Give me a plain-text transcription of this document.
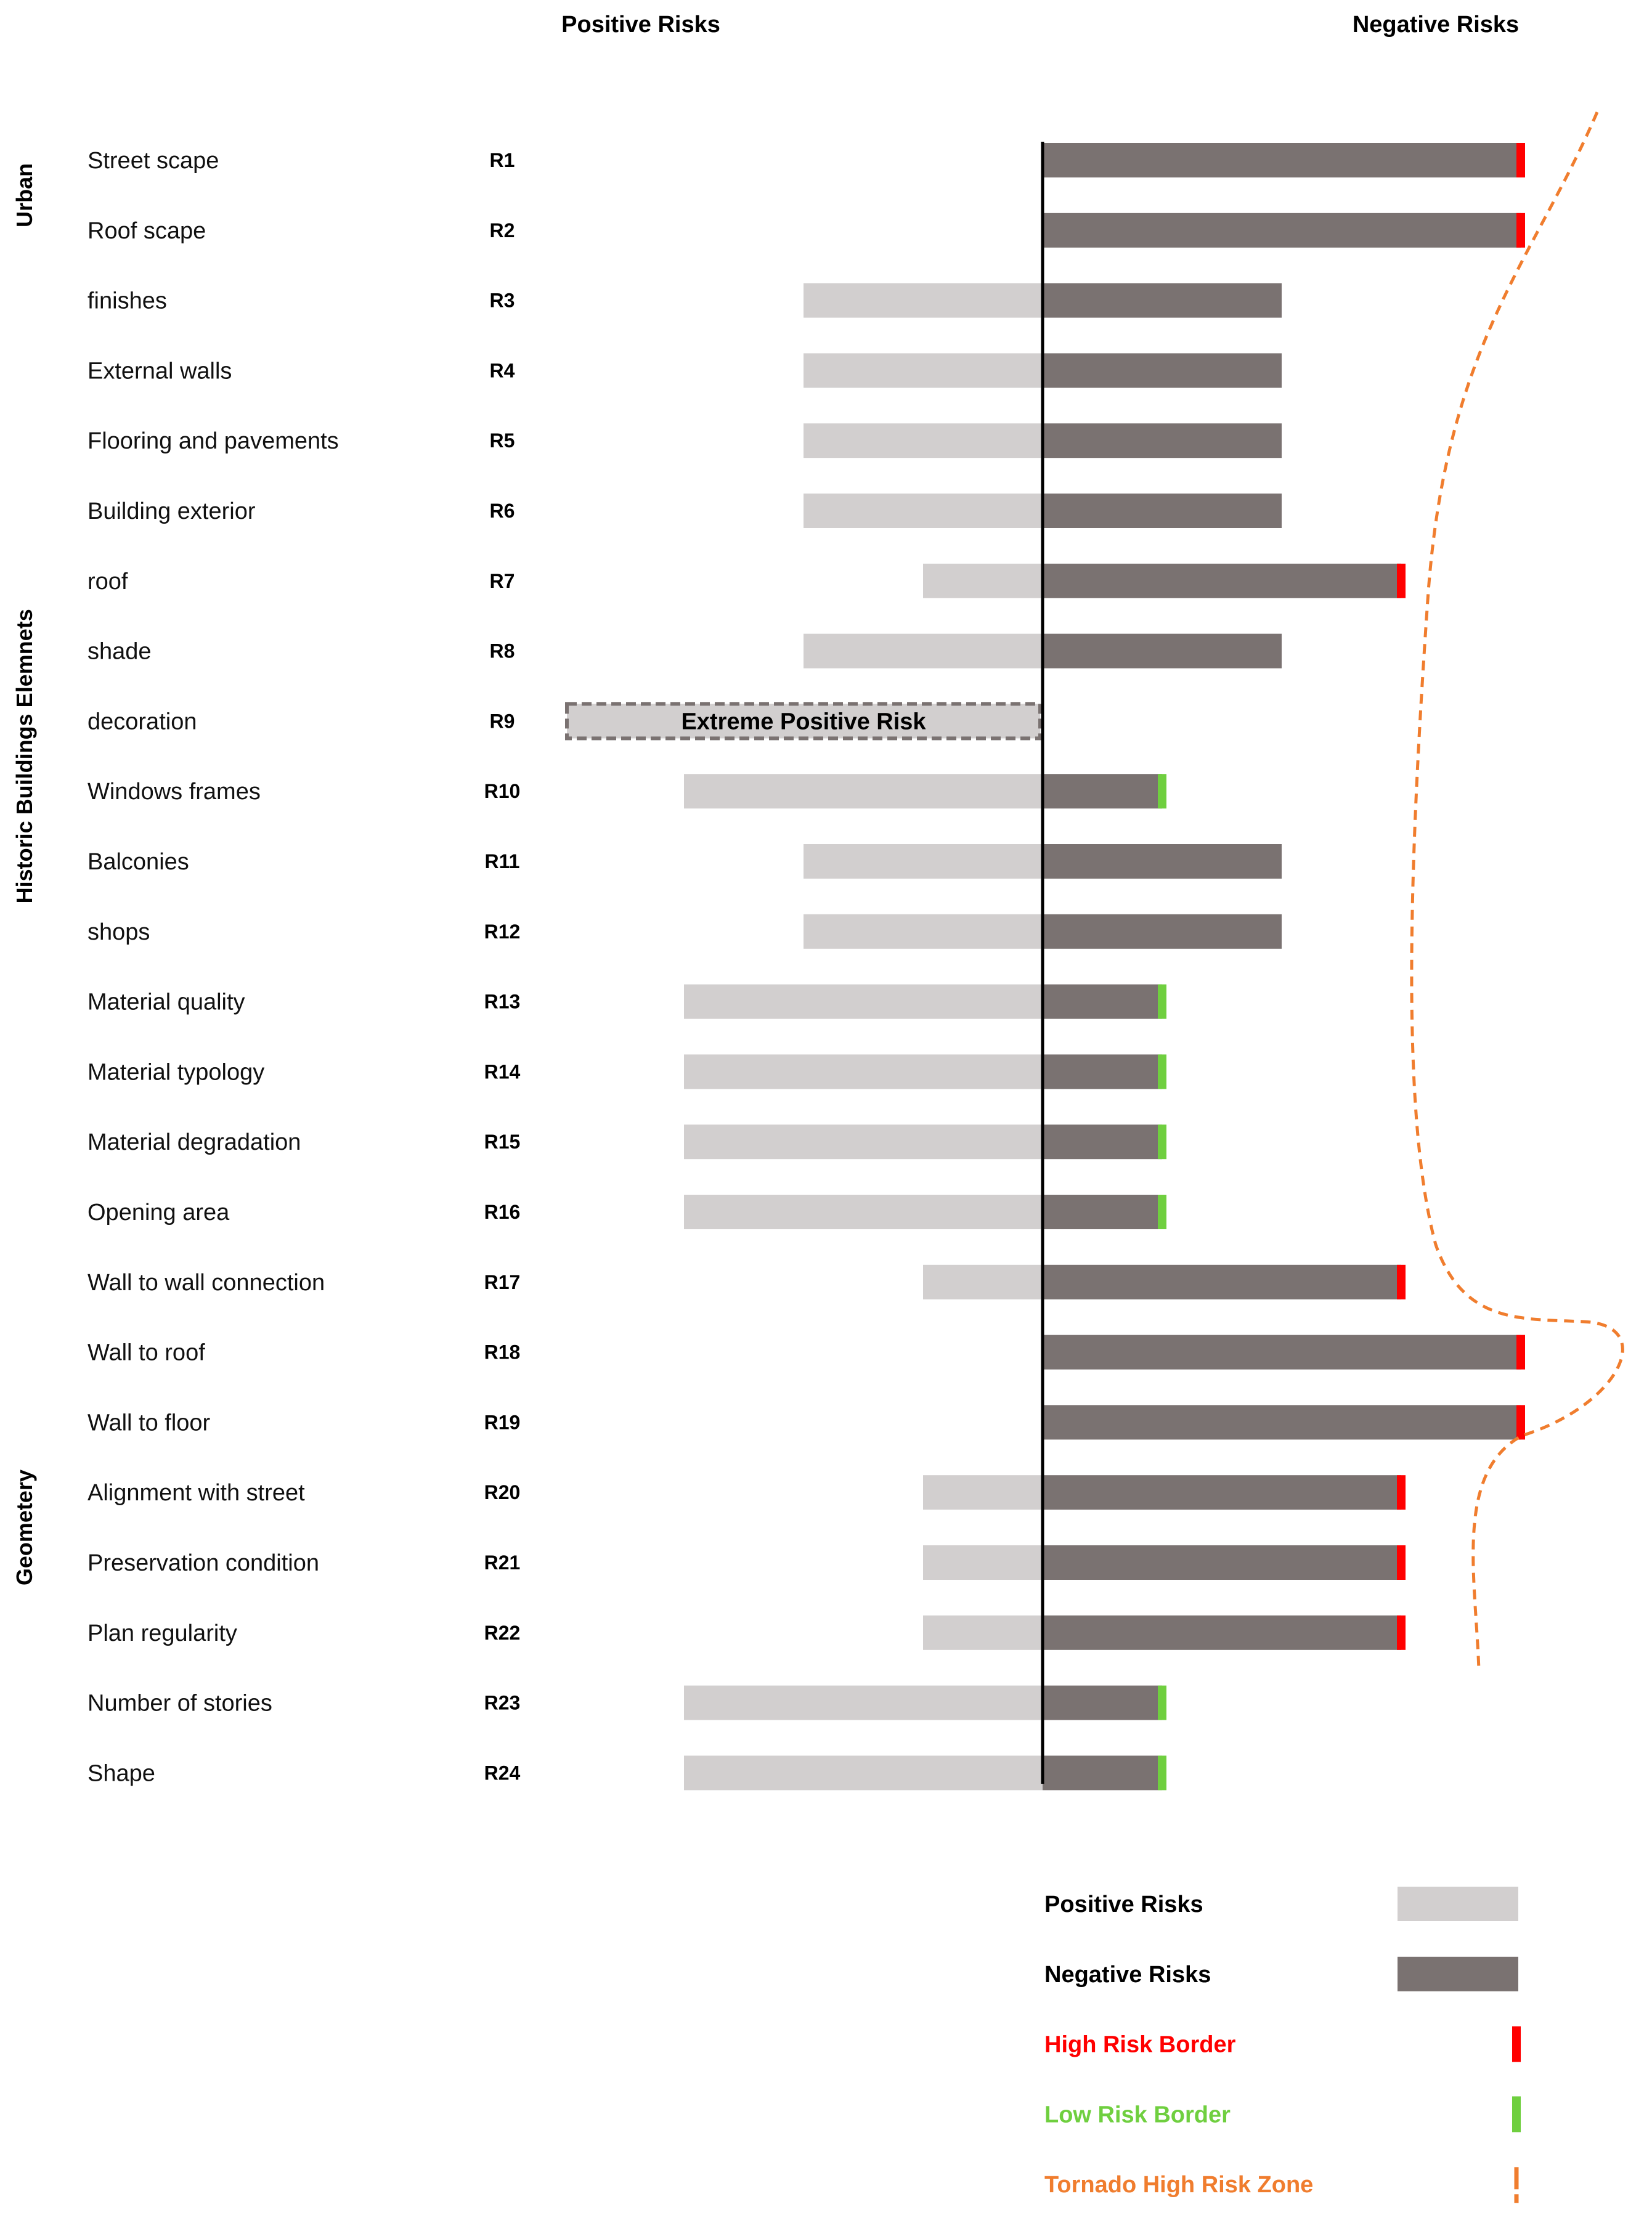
Positive Risks	Negative Risks
Urban
Historic Buildings Elemnets
Geometery
Street scape	R1
Roof scape	R2
finishes	R3
External walls	R4
Flooring and pavements	R5
Building exterior	R6
roof	R7
shade	R8
decoration	R9	Extreme Positive Risk
Windows frames	R10
Balconies	R11
shops	R12
Material quality	R13
Material typology	R14
Material degradation	R15
Opening area	R16
Wall to wall connection	R17
Wall to roof	R18
Wall to floor	R19
Alignment with street	R20
Preservation condition	R21
Plan regularity	R22
Number of stories	R23
Shape	R24
Positive Risks
Negative Risks
High Risk Border
Low Risk Border
Tornado High Risk Zone
